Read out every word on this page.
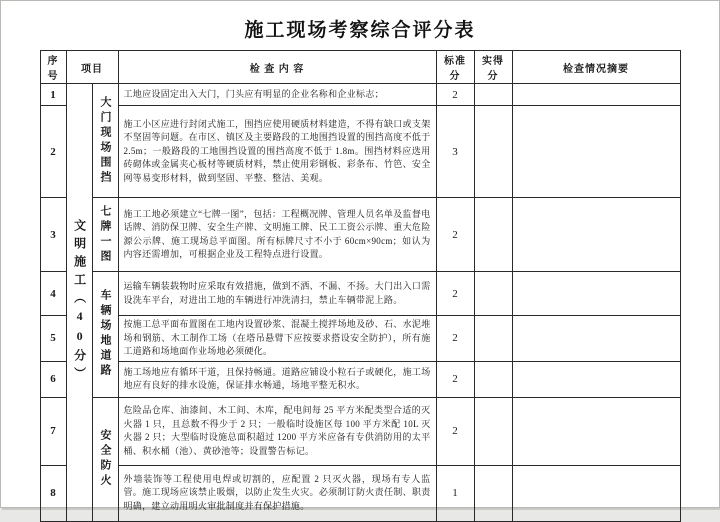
施工现场考察综合评分表
序号	项目		检 查 内 容	标准分	实得分	检查情况摘要
1	文明施工（40分）	大门现场围挡	工地应设固定出入大门，门头应有明显的企业名称和企业标志；	2		
2			施工小区应进行封闭式施工，围挡应使用硬质材料建造，不得有缺口或支架不坚固等问题。在市区、镇区及主要路段的工地围挡设置的围挡高度不低于 2.5m；一般路段的工地围挡设置的围挡高度不低于 1.8m。围挡材料应选用砖砌体或金属夹心板材等硬质材料，禁止使用彩钢板、彩条布、竹笆、安全网等易变形材料，做到坚固、平整、整洁、美观。	3		
3		七牌一图	施工工地必须建立“七牌一图”，包括：工程概况牌、管理人员名单及监督电话牌、消防保卫牌、安全生产牌、文明施工牌、民工工资公示牌、重大危险源公示牌、施工现场总平面图。所有标牌尺寸不小于 60cm×90cm；如认为内容还需增加，可根据企业及工程特点进行设置。	2		
4		车辆场地道路	运输车辆装载物时应采取有效措施，做到不洒、不漏、不扬。大门出入口需设洗车平台，对进出工地的车辆进行冲洗清扫，禁止车辆带泥上路。	2		
5			按施工总平面布置图在工地内设置砂浆、混凝土搅拌场地及砂、石、水泥堆场和钢筋、木工制作工场（在塔吊悬臂下应按要求搭设安全防护），所有施工道路和场地面作业场地必须硬化。	2		
6			施工场地应有循环干道，且保持畅通。道路应铺设小粒石子或硬化，施工场地应有良好的排水设施，保证排水畅通，场地平整无积水。	2		
7		安全防火	危险品仓库、油漆间、木工间、木库，配电间每 25 平方米配类型合适的灭火器 1 只，且总数不得少于 2 只；一般临时设施区每 100 平方米配 10L 灭火器 2 只；大型临时设施总面积超过 1200 平方米应备有专供消防用的太平桶、积水桶（池）、黄砂池等；设置警告标记。	2		
8			外墙装饰等工程使用电焊或切割的，应配置 2 只灭火器，现场有专人监管。施工现场应该禁止吸烟，以防止发生火灾。必须制订防火责任制、职责明确，建立动用明火审批制度并有保护措施。	1		
